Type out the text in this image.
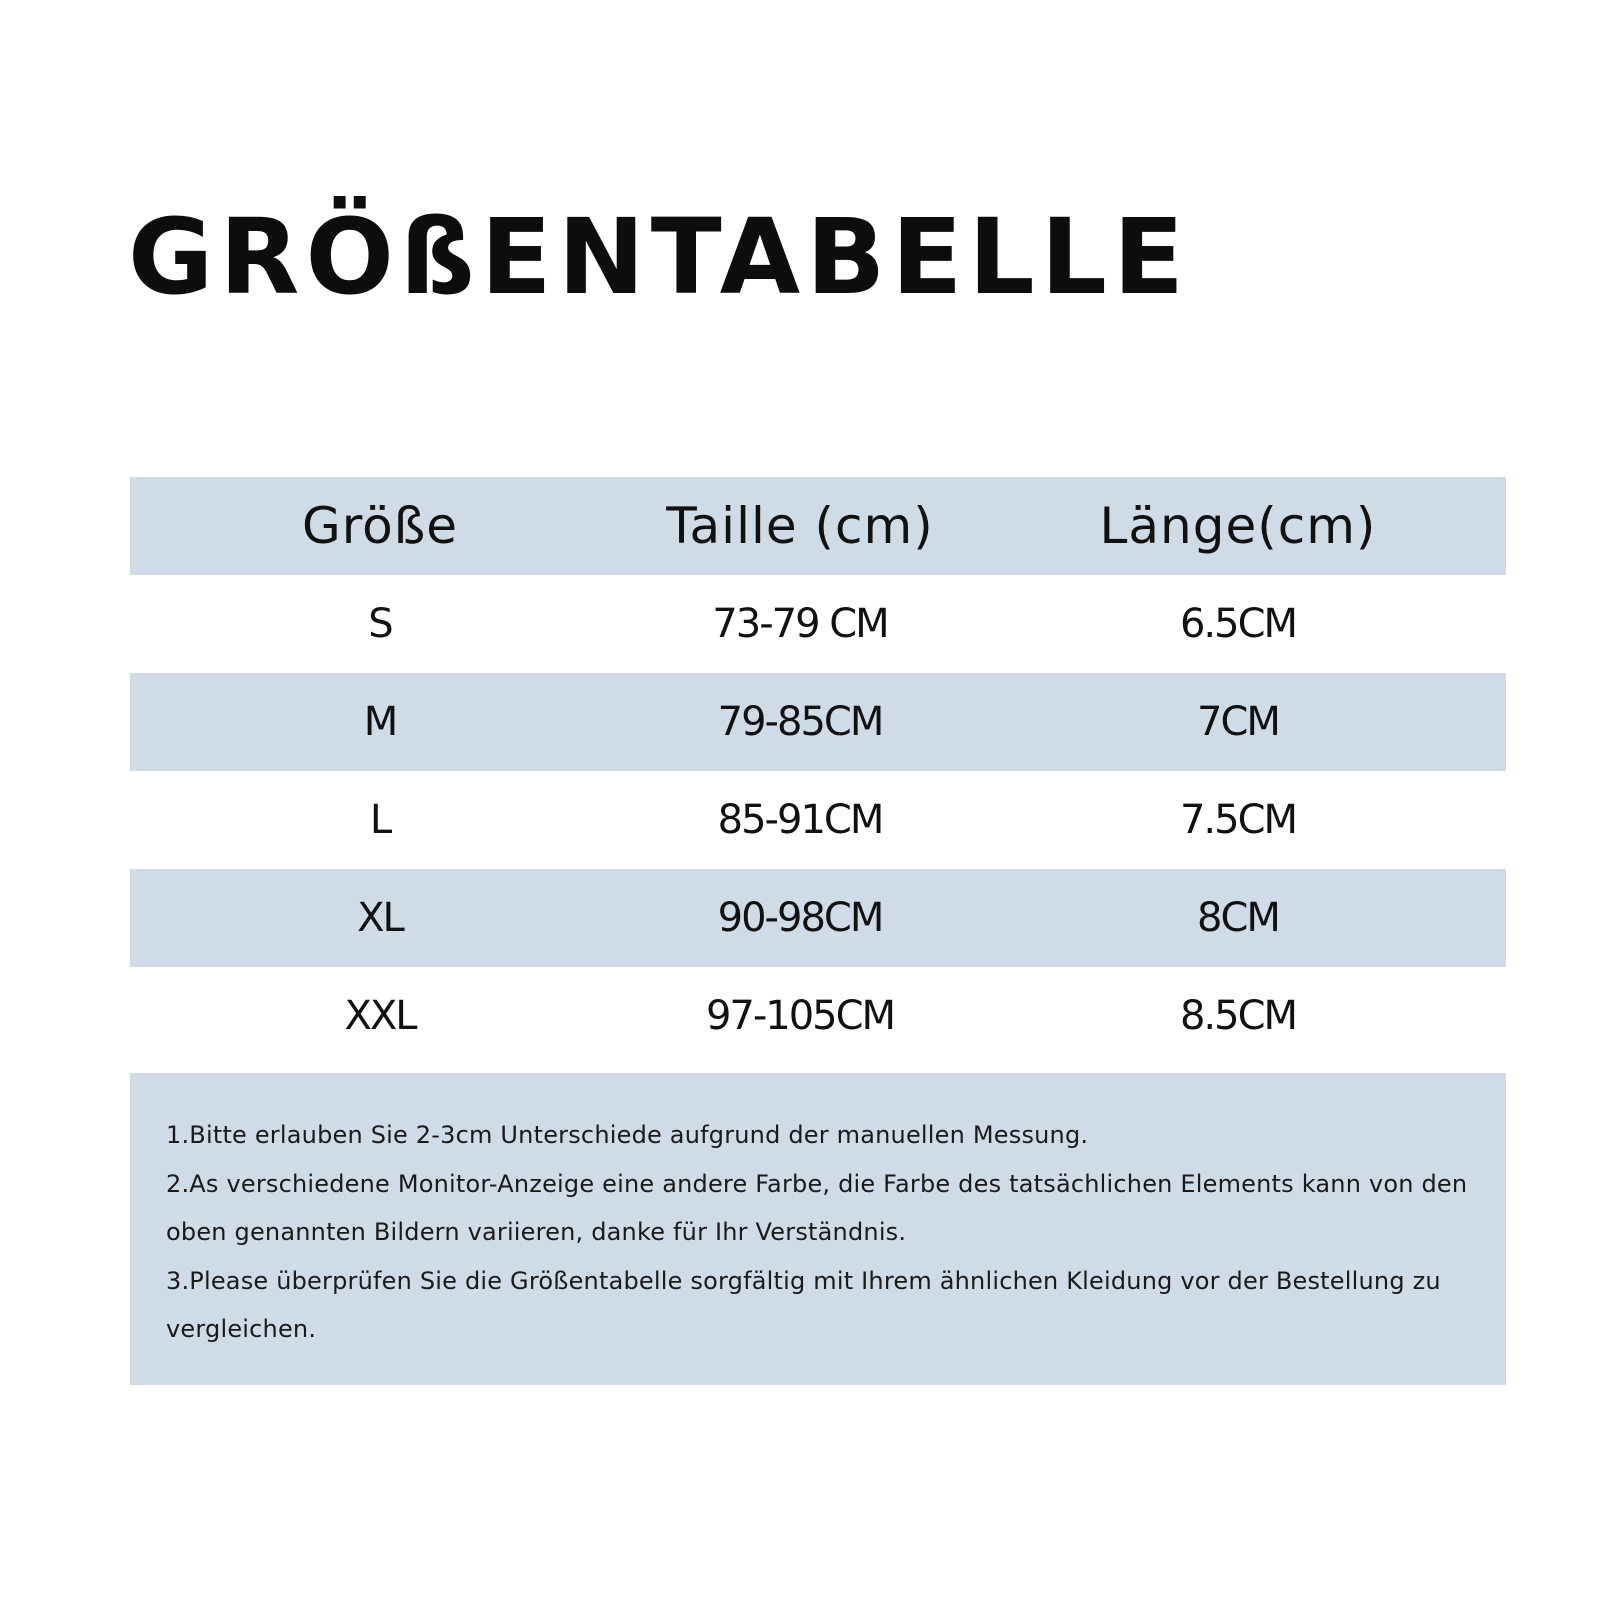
GRÖßENTABELLE
Größe	Taille (cm)	Länge(cm)
S	73-79 CM	6.5CM
M	79-85CM	7CM
L	85-91CM	7.5CM
XL	90-98CM	8CM
XXL	97-105CM	8.5CM

1.Bitte erlauben Sie 2-3cm Unterschiede aufgrund der manuellen Messung.

2.As verschiedene Monitor-Anzeige eine andere Farbe, die Farbe des tatsächlichen Elements kann von den oben genannten Bildern variieren, danke für Ihr Verständnis.

3.Please überprüfen Sie die Größentabelle sorgfältig mit Ihrem ähnlichen Kleidung vor der Bestellung zu vergleichen.
